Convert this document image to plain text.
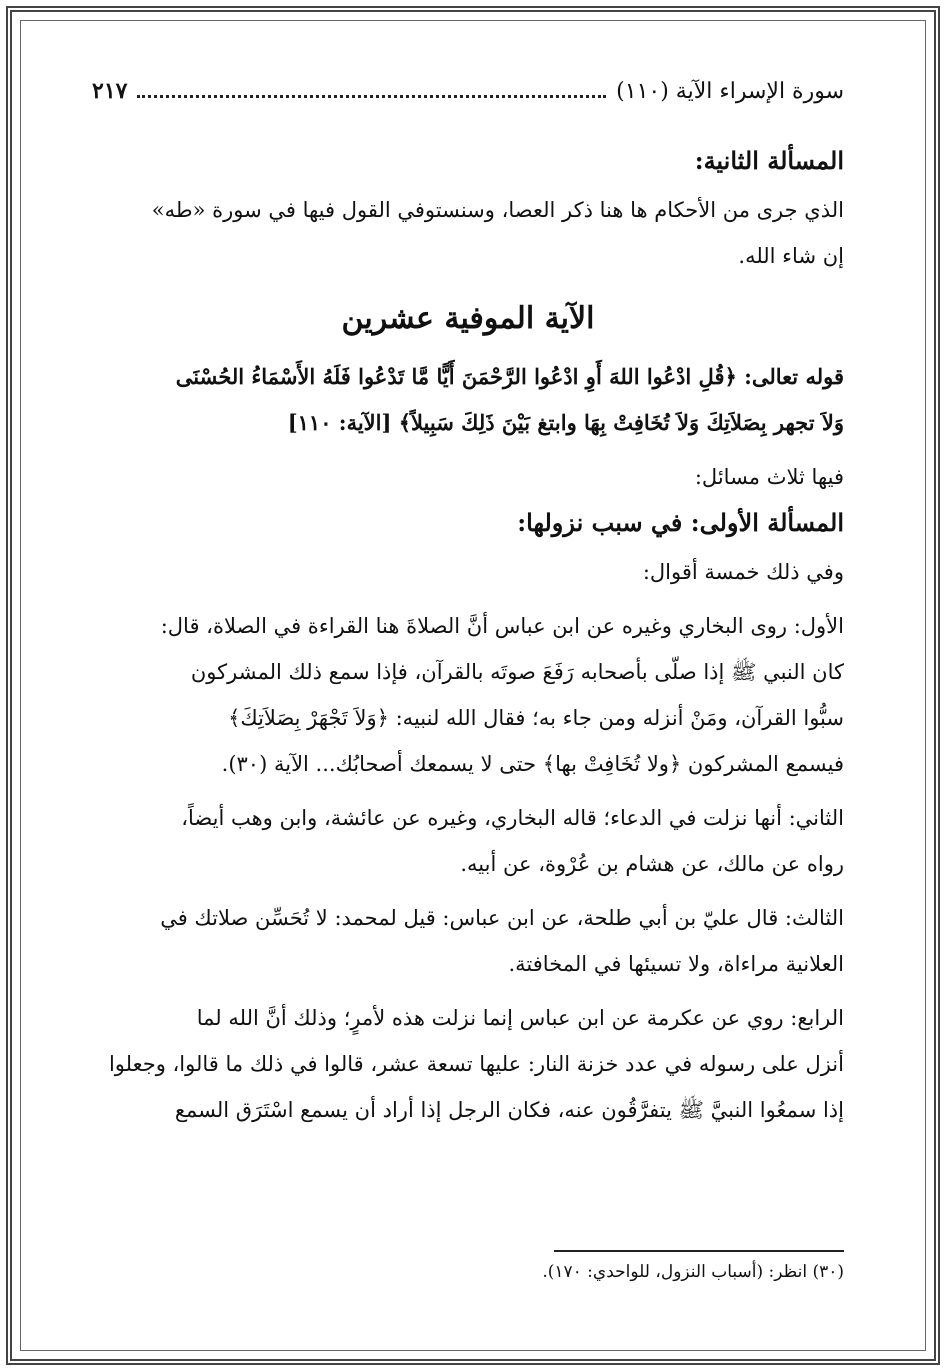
سورة الإسراء الآية (١١٠)
٢١٧
المسألة الثانية:
الذي جرى من الأحكام ها هنا ذكر العصا، وسنستوفي القول فيها في سورة «طه»
إن شاء الله.
الآية الموفية عشرين
قوله تعالى: ﴿قُلِ ادْعُوا اللهَ أَوِ ادْعُوا الرَّحْمَنَ أَيًّا مَّا تَدْعُوا فَلَهُ الأَسْمَاءُ الحُسْنَى
وَلاَ تجهر بِصَلاَتِكَ وَلاَ تُخَافِتْ بِهَا وابتغ بَيْنَ ذَلِكَ سَبِيلاً﴾ [الآية: ١١٠]
فيها ثلاث مسائل:
المسألة الأولى: في سبب نزولها:
وفي ذلك خمسة أقوال:
الأول: روى البخاري وغيره عن ابن عباس أنَّ الصلاةَ هنا القراءة في الصلاة، قال:
كان النبي ﷺ إذا صلّى بأصحابه رَفَعَ صوتَه بالقرآن، فإذا سمع ذلك المشركون
سبُّوا القرآن، ومَنْ أنزله ومن جاء به؛ فقال الله لنبيه: ﴿وَلاَ تَجْهَرْ بِصَلاَتِكَ﴾
فيسمع المشركون ﴿ولا تُخَافِتْ بها﴾ حتى لا يسمعك أصحابُك... الآية (٣٠).
الثاني: أنها نزلت في الدعاء؛ قاله البخاري، وغيره عن عائشة، وابن وهب أيضاً،
رواه عن مالك، عن هشام بن عُرْوة، عن أبيه.
الثالث: قال عليّ بن أبي طلحة، عن ابن عباس: قيل لمحمد: لا تُحَسِّن صلاتك في
العلانية مراءاة، ولا تسيئها في المخافتة.
الرابع: روي عن عكرمة عن ابن عباس إنما نزلت هذه لأمرٍ؛ وذلك أنَّ الله لما
أنزل على رسوله في عدد خزنة النار: عليها تسعة عشر، قالوا في ذلك ما قالوا، وجعلوا
إذا سمعُوا النبيَّ ﷺ يتفرَّقُون عنه، فكان الرجل إذا أراد أن يسمع اسْتَرَق السمع
(٣٠) انظر: (أسباب النزول، للواحدي: ١٧٠).
